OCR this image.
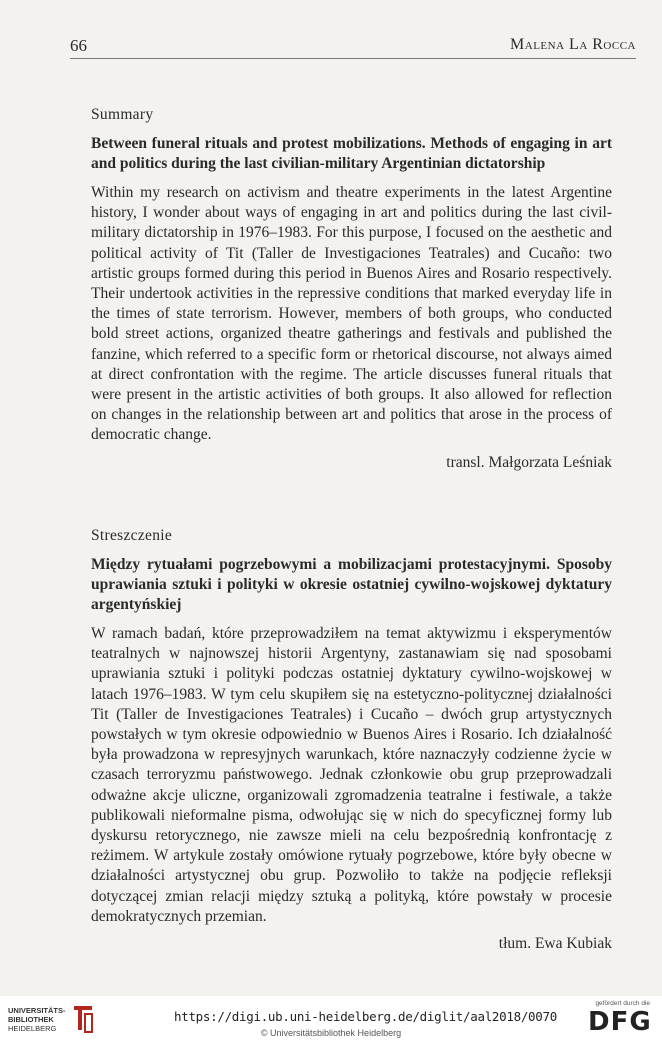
66	Malena La Rocca
Summary
Between funeral rituals and protest mobilizations. Methods of engaging in art and politics during the last civilian-military Argentinian dictatorship

Within my research on activism and theatre experiments in the latest Argentine history, I wonder about ways of engaging in art and politics during the last civil-military dictatorship in 1976–1983. For this purpose, I focused on the aesthetic and political activity of Tit (Taller de Investigaciones Teatrales) and Cucaño: two artistic groups formed during this period in Buenos Aires and Rosario respectively. Their undertook activities in the repressive conditions that marked everyday life in the times of state terrorism. However, members of both groups, who conducted bold street actions, organized theatre gatherings and festivals and published the fanzine, which referred to a specific form or rhetorical discourse, not always aimed at direct confrontation with the regime. The article discusses funeral rituals that were present in the artistic activities of both groups. It also allowed for reflection on changes in the relationship between art and politics that arose in the process of democratic change.

transl. Małgorzata Leśniak
Streszczenie
Między rytuałami pogrzebowymi a mobilizacjami protestacyjnymi. Sposoby uprawiania sztuki i polityki w okresie ostatniej cywilno-wojskowej dyktatury argentyńskiej

W ramach badań, które przeprowadziłem na temat aktywizmu i eksperymentów teatralnych w najnowszej historii Argentyny, zastanawiam się nad sposobami uprawiania sztuki i polityki podczas ostatniej dyktatury cywilno-wojskowej w latach 1976–1983. W tym celu skupiłem się na estetyczno-politycznej działalności Tit (Taller de Investigaciones Teatrales) i Cucaño – dwóch grup artystycznych powstałych w tym okresie odpowiednio w Buenos Aires i Rosario. Ich działalność była prowadzona w represyjnych warunkach, które naznaczyły codzienne życie w czasach terroryzmu państwowego. Jednak członkowie obu grup przeprowadzali odważne akcje uliczne, organizowali zgromadzenia teatralne i festiwale, a także publikowali nieformalne pisma, odwołując się w nich do specyficznej formy lub dyskursu retorycznego, nie zawsze mieli na celu bezpośrednią konfrontację z reżimem. W artykule zostały omówione rytuały pogrzebowe, które były obecne w działalności artystycznej obu grup. Pozwoliło to także na podjęcie refleksji dotyczącej zmian relacji między sztuką a polityką, które powstały w procesie demokratycznych przemian.

tłum. Ewa Kubiak
UNIVERSITÄTS-
BIBLIOTHEK
HEIDELBERG
https://digi.ub.uni-heidelberg.de/diglit/aal2018/0070
© Universitätsbibliothek Heidelberg
gefördert durch die
DFG
